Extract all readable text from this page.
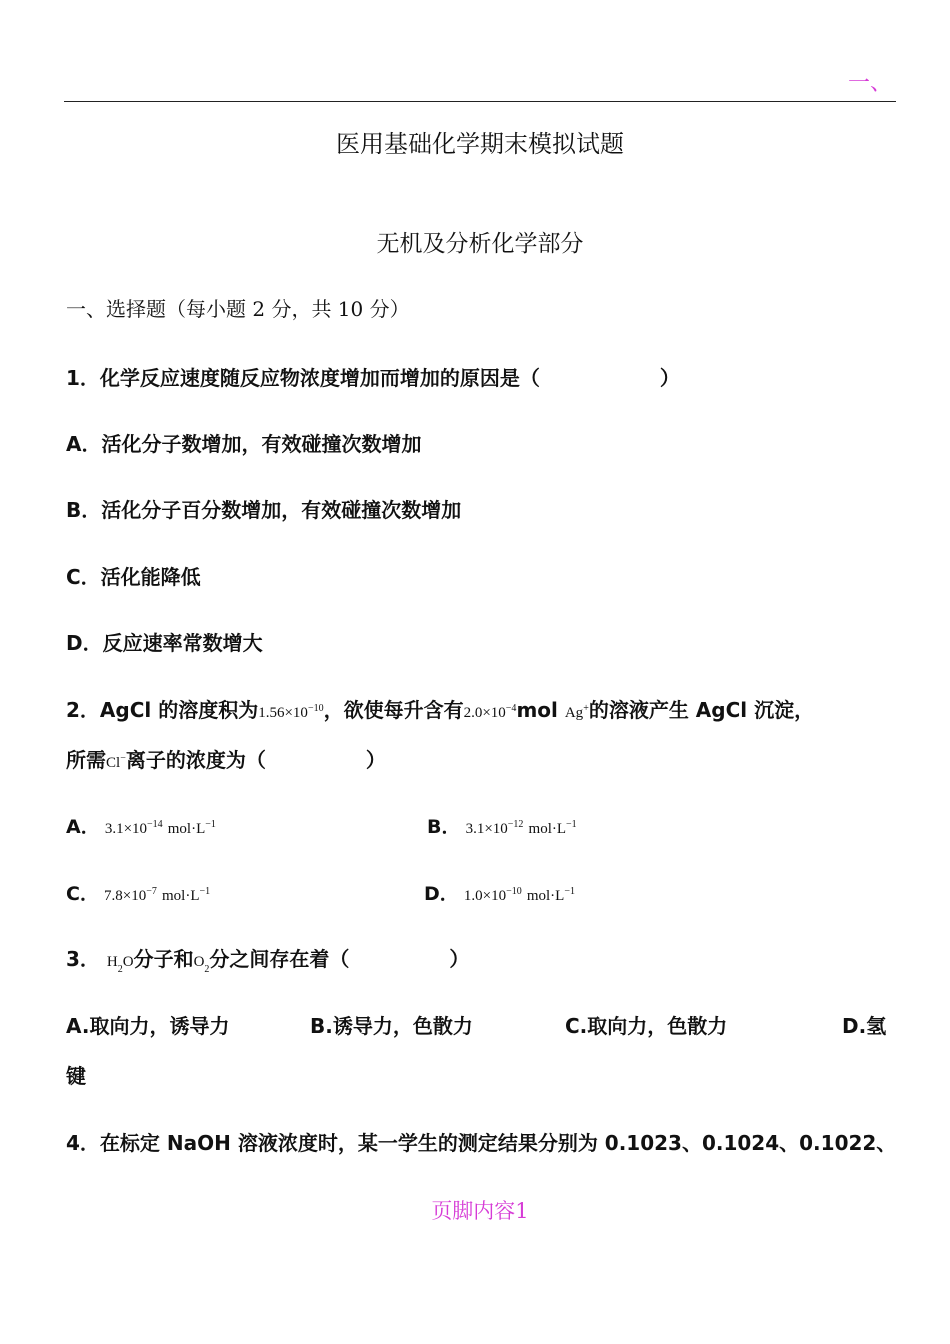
一、
医用基础化学期末模拟试题
无机及分析化学部分
一、选择题（每小题 2 分，共 10 分）
1．化学反应速度随反应物浓度增加而增加的原因是（　　　　　　）
A．活化分子数增加，有效碰撞次数增加
B．活化分子百分数增加，有效碰撞次数增加
C．活化能降低
D．反应速率常数增大
2．AgCl 的溶度积为$1.56\times 10^{-10}$，欲使每升含有$2.0\times 10^{-4}mol$ Ag+的溶液产生 AgCl 沉淀，
所需Cl−离子的浓度为（　　　　　）
A． $3.1\times 10^{-14}$ $mol\cdot L^{-1}$	B． $3.1\times 10^{-12}$ $mol\cdot L^{-1}$
C． $7.8\times 10^{-7}$ $mol\cdot L^{-1}$	D． $1.0\times 10^{-10}$ $mol\cdot L^{-1}$
3． $H_2O$分子和$O_2$分之间存在着（　　　　　）
A.取向力，诱导力	B.诱导力，色散力	C.取向力，色散力	D.氢
键
4．在标定 NaOH 溶液浓度时，某一学生的测定结果分别为 0.1023、0.1024、0.1022、
页脚内容1
